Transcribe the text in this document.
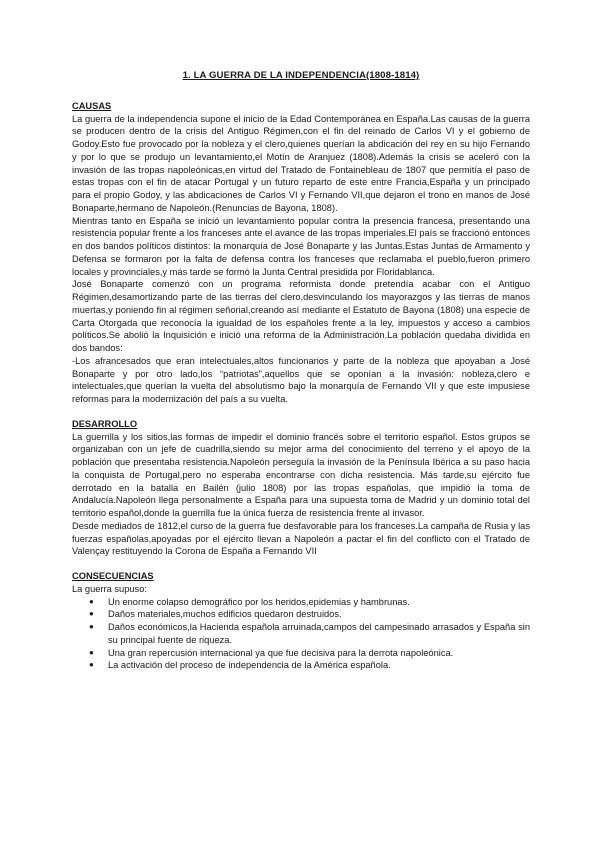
1. LA GUERRA DE LA INDEPENDENCIA(1808-1814)
CAUSAS

La guerra de la independencia supone el inicio de la Edad Contemporánea en España.Las causas de la guerra se producen dentro de la crisis del Antiguo Régimen,con el fin del reinado de Carlos VI y el gobierno de Godoy.Esto fue provocado por la nobleza y el clero,quienes querían la abdicación del rey en su hijo Fernando y por lo que se produjo un levantamiento,el Motín de Aranjuez (1808).Además la crisis se aceleró con la invasión de las tropas napoleónicas,en virtud del Tratado de Fontainebleau de 1807 que permitía el paso de estas tropas con el fin de atacar Portugal y un futuro reparto de este entre Francia,España y un principado para el propio Godoy, y las abdicaciones de Carlos VI y Fernando VII,que dejaron el trono en manos de José Bonaparte,hermano de Napoleón.(Renuncias de Bayona, 1808).

Mientras tanto en España se inició un levantamiento popular contra la presencia francesa, presentando una resistencia popular frente a los franceses ante el avance de las tropas imperiales.El país se fraccionó entonces en dos bandos políticos distintos: la monarquía de José Bonaparte y las Juntas.Estas Juntas de Armamento y Defensa se formaron por la falta de defensa contra los franceses que reclamaba el pueblo,fueron primero locales y provinciales,y más tarde se formó la Junta Central presidida por Floridablanca.

José Bonaparte comenzó con un programa reformista donde pretendía acabar con el Antiguo Régimen,desamortizando parte de las tierras del clero,desvinculando los mayorazgos y las tierras de manos muertas,y poniendo fin al régimen señorial,creando así mediante el Estatuto de Bayona (1808) una especie de Carta Otorgada que reconocía la igualdad de los españoles frente a la ley, impuestos y acceso a cambios políticos.Se abolió la Inquisición e inició una reforma de la Administración.La población quedaba dividida en dos bandos:

-Los afrancesados que eran intelectuales,altos funcionarios y parte de la nobleza que apoyaban a José Bonaparte y por otro lado,los “patriotas”,aquellos que se oponían a la invasión: nobleza,clero e intelectuales,que querían la vuelta del absolutismo bajo la monarquía de Fernando VII y que este impusiese reformas para la modernización del país a su vuelta.

DESARROLLO

La guerrilla y los sitios,las formas de impedir el dominio francés sobre el territorio español. Estos grupos se organizaban con un jefe de cuadrilla,siendo su mejor arma del conocimiento del terreno y el apoyo de la población que presentaba resistencia.Napoleón perseguía la invasión de la Península Ibérica a su paso hacia la conquista de Portugal,pero no esperaba encontrarse con dicha resistencia. Más tarde,su ejército fue derrotado en la batalla en Bailén (julio 1808) por las tropas españolas, que impidió la toma de Andalucía.Napoleón llega personalmente a España para una supuesta toma de Madrid y un dominio total del territorio español,donde la guerrilla fue la única fuerza de resistencia frente al invasor.

Desde mediados de 1812,el curso de la guerra fue desfavorable para los franceses.La campaña de Rusia y las fuerzas españolas,apoyadas por el ejército llevan a Napoleón a pactar el fin del conflicto con el Tratado de Valençay restituyendo la Corona de España a Fernando VII

CONSECUENCIAS

La guerra supuso:

● Un enorme colapso demográfico por los heridos,epidemias y hambrunas.
● Daños materiales,muchos edificios quedaron destruidos.
● Daños económicos,la Hacienda española arruinada,campos del campesinado arrasados y España sin su principal fuente de riqueza.
● Una gran repercusión internacional ya que fue decisiva para la derrota napoleónica.
● La activación del proceso de independencia de la América española.
